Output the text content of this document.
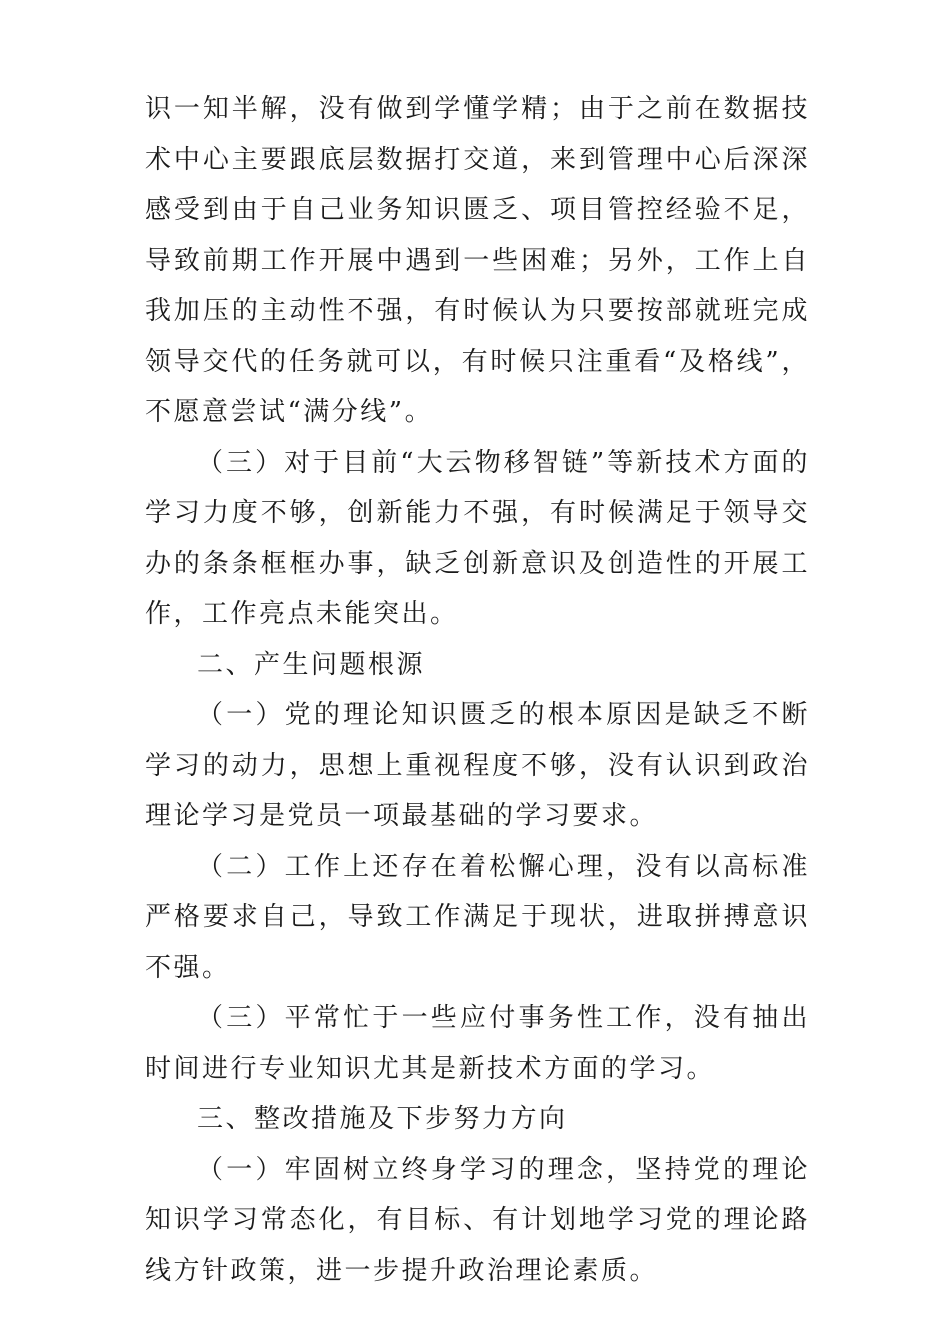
识一知半解，没有做到学懂学精；由于之前在数据技术中心主要跟底层数据打交道，来到管理中心后深深感受到由于自己业务知识匮乏、项目管控经验不足，导致前期工作开展中遇到一些困难；另外，工作上自我加压的主动性不强，有时候认为只要按部就班完成领导交代的任务就可以，有时候只注重看“及格线”，不愿意尝试“满分线”。

（三）对于目前“大云物移智链”等新技术方面的学习力度不够，创新能力不强，有时候满足于领导交办的条条框框办事，缺乏创新意识及创造性的开展工作，工作亮点未能突出。

二、产生问题根源

（一）党的理论知识匮乏的根本原因是缺乏不断学习的动力，思想上重视程度不够，没有认识到政治理论学习是党员一项最基础的学习要求。

（二）工作上还存在着松懈心理，没有以高标准严格要求自己，导致工作满足于现状，进取拼搏意识不强。

（三）平常忙于一些应付事务性工作，没有抽出时间进行专业知识尤其是新技术方面的学习。

三、整改措施及下步努力方向

（一）牢固树立终身学习的理念，坚持党的理论知识学习常态化，有目标、有计划地学习党的理论路线方针政策，进一步提升政治理论素质。
